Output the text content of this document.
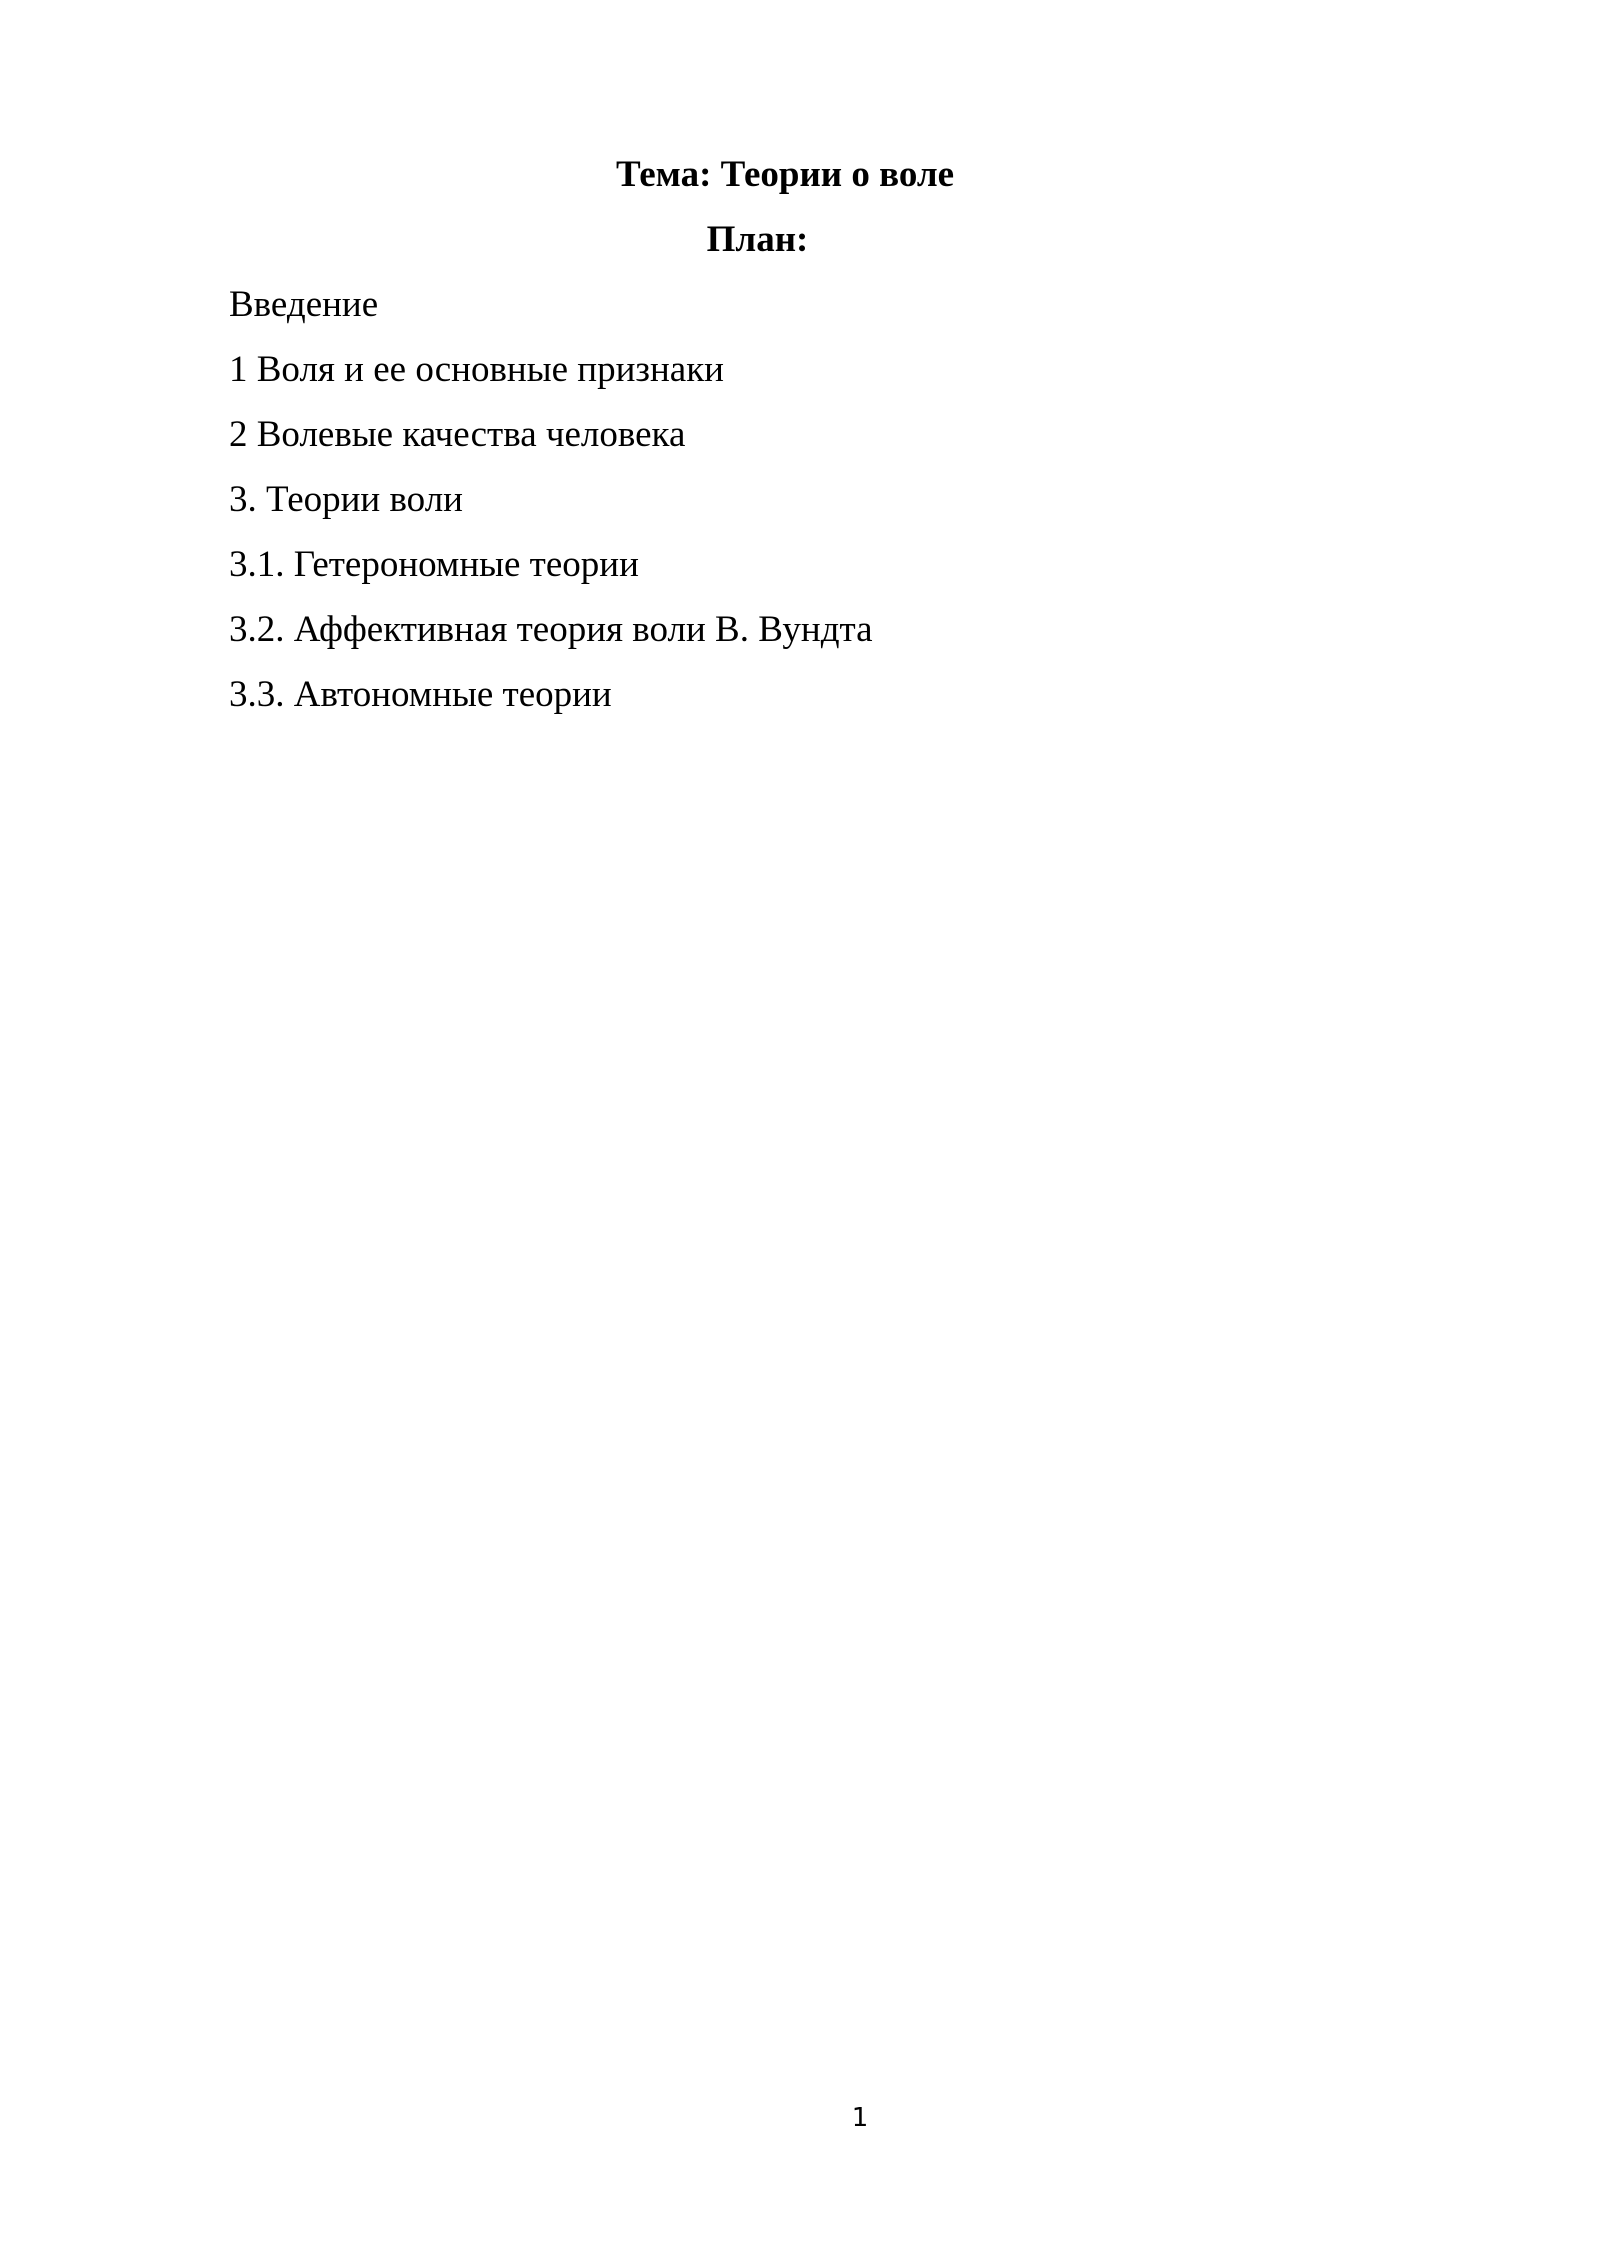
Тема: Теории о воле
План:
Введение
1 Воля и ее основные признаки
2 Волевые качества человека
3. Теории воли
3.1. Гетерономные теории
3.2. Аффективная теория воли В. Вундта
3.3. Автономные теории
1
